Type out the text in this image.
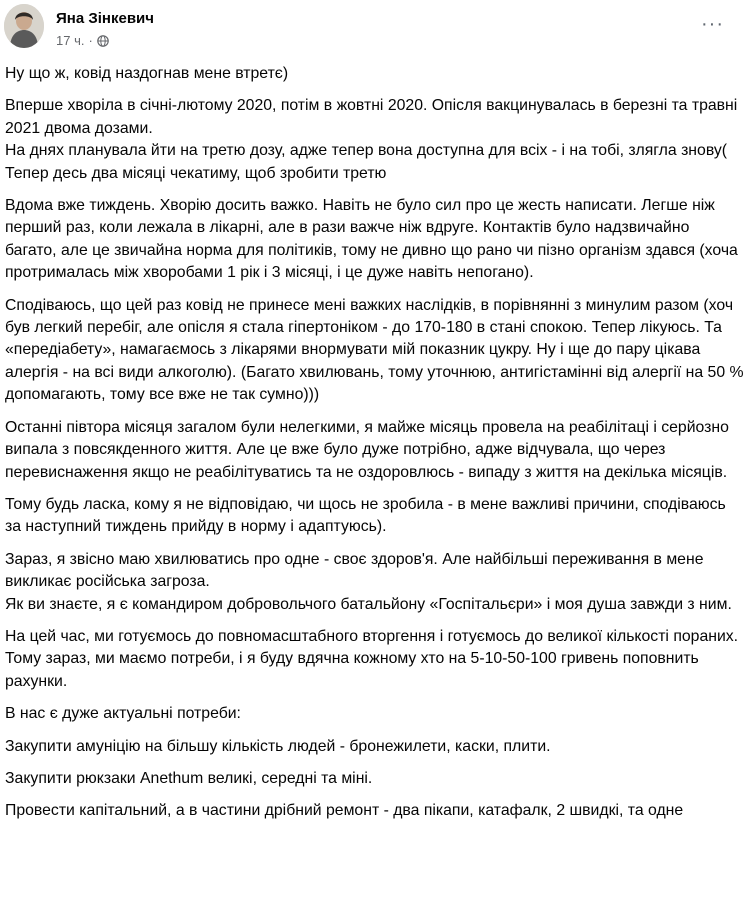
Яна Зінкевич
17 ч. ·
···

Ну що ж, ковід наздогнав мене втретє)

Вперше хворіла в січні-лютому 2020, потім в жовтні 2020. Опісля вакцинувалась в березні та травні 2021 двома дозами.
На днях планувала йти на третю дозу, адже тепер вона доступна для всіх - і на тобі, злягла знову(
Тепер десь два місяці чекатиму, щоб зробити третю

Вдома вже тиждень. Хворію досить важко. Навіть не було сил про це жесть написати. Легше ніж перший раз, коли лежала в лікарні, але в рази важче ніж вдруге. Контактів було надзвичайно багато, але це звичайна норма для політиків, тому не дивно що рано чи пізно організм здався (хоча протрималась між хворобами 1 рік і 3 місяці, і це дуже навіть непогано).

Сподіваюсь, що цей раз ковід не принесе мені важких наслідків, в порівнянні з минулим разом (хоч був легкий перебіг, але опісля я стала гіпертоніком - до 170-180 в стані спокою. Тепер лікуюсь. Та «передіабету», намагаємось з лікарями внормувати мій показник цукру. Ну і ще до пару цікава алергія - на всі види алкоголю). (Багато хвилювань, тому уточнюю, антигістамінні від алергії на 50 % допомагають, тому все вже не так сумно)))

Останні півтора місяця загалом були нелегкими, я майже місяць провела на реабілітаці і серйозно випала з повсякденного життя. Але це вже було дуже потрібно, адже відчувала, що через перевиснаження якщо не реабілітуватись та не оздоровлюсь - випаду з життя на декілька місяців.

Тому будь ласка, кому я не відповідаю, чи щось не зробила - в мене важливі причини, сподіваюсь за наступний тиждень прийду в норму і адаптуюсь).

Зараз, я звісно маю хвилюватись про одне - своє здоров'я. Але найбільші переживання в мене викликає російська загроза.
Як ви знаєте, я є командиром добровольчого батальйону «Госпітальєри» і моя душа завжди з ним.

На цей час, ми готуємось до повномасштабного вторгення і готуємось до великої кількості пораних. Тому зараз, ми маємо потреби, і я буду вдячна кожному хто на 5-10-50-100 гривень поповнить рахунки.

В нас є дуже актуальні потреби:

Закупити амуніцію на більшу кількість людей - бронежилети, каски, плити.

Закупити рюкзаки Anethum великі, середні та міні.

Провести капітальний, а в частини дрібний ремонт - два пікапи, катафалк, 2 швидкі, та одне
